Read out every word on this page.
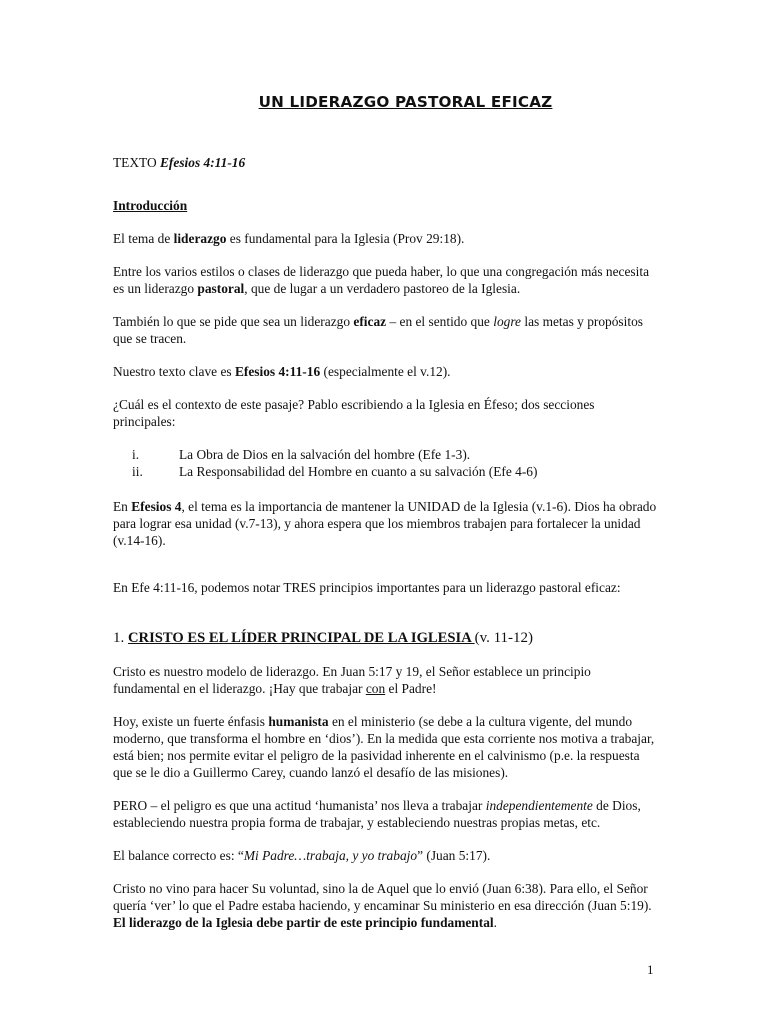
UN LIDERAZGO PASTORAL EFICAZ

TEXTO Efesios 4:11-16

Introducción

El tema de liderazgo es fundamental para la Iglesia (Prov 29:18).

Entre los varios estilos o clases de liderazgo que pueda haber, lo que una congregación más necesita es un liderazgo pastoral, que de lugar a un verdadero pastoreo de la Iglesia.

También lo que se pide que sea un liderazgo eficaz – en el sentido que logre las metas y propósitos que se tracen.

Nuestro texto clave es Efesios 4:11-16 (especialmente el v.12).

¿Cuál es el contexto de este pasaje? Pablo escribiendo a la Iglesia en Éfeso; dos secciones principales:

i.	La Obra de Dios en la salvación del hombre (Efe 1-3).
ii.	La Responsabilidad del Hombre en cuanto a su salvación (Efe 4-6)

En Efesios 4, el tema es la importancia de mantener la UNIDAD de la Iglesia (v.1-6). Dios ha obrado para lograr esa unidad (v.7-13), y ahora espera que los miembros trabajen para fortalecer la unidad (v.14-16).

En Efe 4:11-16, podemos notar TRES principios importantes para un liderazgo pastoral eficaz:

1. CRISTO ES EL LÍDER PRINCIPAL DE LA IGLESIA (v. 11-12)

Cristo es nuestro modelo de liderazgo. En Juan 5:17 y 19, el Señor establece un principio fundamental en el liderazgo. ¡Hay que trabajar con el Padre!

Hoy, existe un fuerte énfasis humanista en el ministerio (se debe a la cultura vigente, del mundo moderno, que transforma el hombre en ‘dios’). En la medida que esta corriente nos motiva a trabajar, está bien; nos permite evitar el peligro de la pasividad inherente en el calvinismo (p.e. la respuesta que se le dio a Guillermo Carey, cuando lanzó el desafío de las misiones).

PERO – el peligro es que una actitud ‘humanista’ nos lleva a trabajar independientemente de Dios, estableciendo nuestra propia forma de trabajar, y estableciendo nuestras propias metas, etc.

El balance correcto es: “Mi Padre…trabaja, y yo trabajo” (Juan 5:17).

Cristo no vino para hacer Su voluntad, sino la de Aquel que lo envió (Juan 6:38). Para ello, el Señor quería ‘ver’ lo que el Padre estaba haciendo, y encaminar Su ministerio en esa dirección (Juan 5:19). El liderazgo de la Iglesia debe partir de este principio fundamental.

1
